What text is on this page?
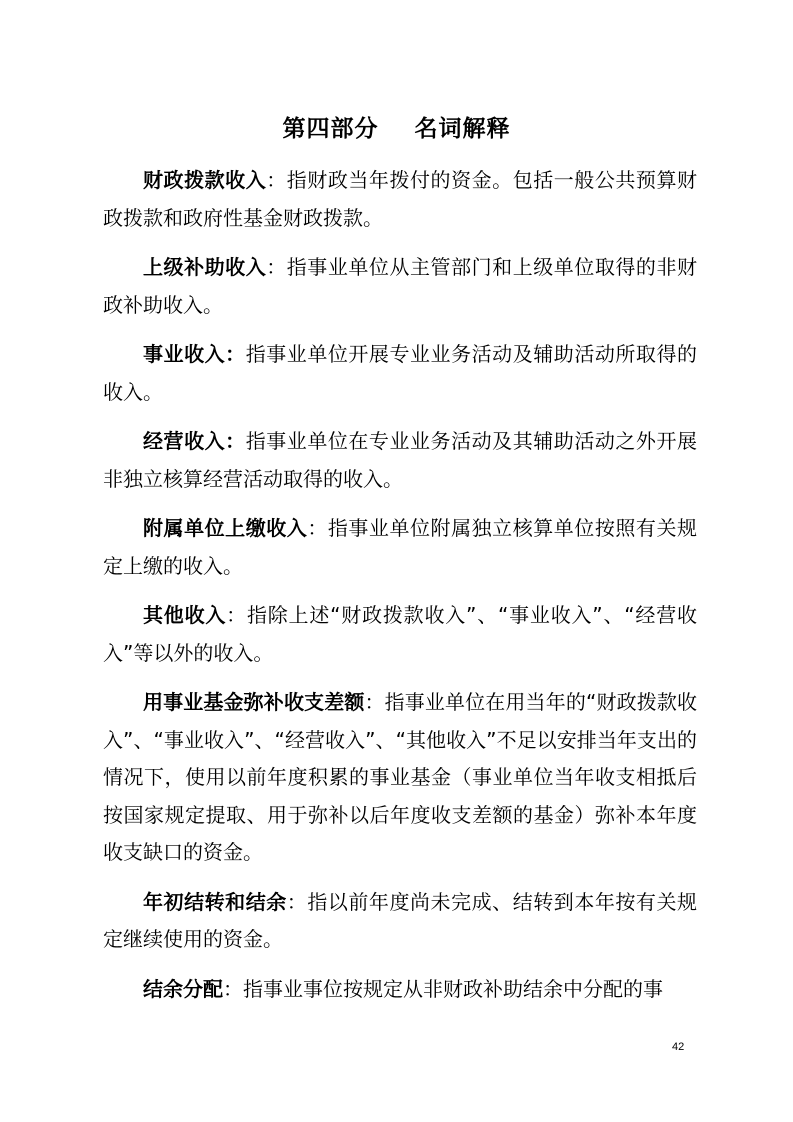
第四部分    名词解释

财政拨款收入：指财政当年拨付的资金。包括一般公共预算财政拨款和政府性基金财政拨款。

上级补助收入：指事业单位从主管部门和上级单位取得的非财政补助收入。

事业收入：指事业单位开展专业业务活动及辅助活动所取得的收入。

经营收入：指事业单位在专业业务活动及其辅助活动之外开展非独立核算经营活动取得的收入。

附属单位上缴收入：指事业单位附属独立核算单位按照有关规定上缴的收入。

其他收入：指除上述“财政拨款收入”、“事业收入”、“经营收入”等以外的收入。

用事业基金弥补收支差额：指事业单位在用当年的“财政拨款收入”、“事业收入”、“经营收入”、“其他收入”不足以安排当年支出的情况下，使用以前年度积累的事业基金（事业单位当年收支相抵后按国家规定提取、用于弥补以后年度收支差额的基金）弥补本年度收支缺口的资金。

年初结转和结余：指以前年度尚未完成、结转到本年按有关规定继续使用的资金。

结余分配：指事业事位按规定从非财政补助结余中分配的事

42
